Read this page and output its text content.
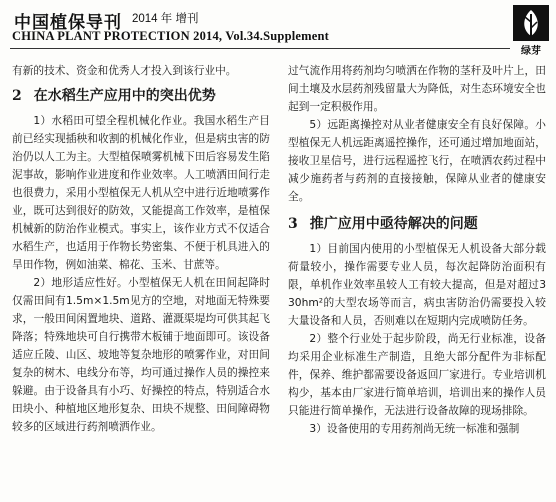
中国植保导刊 2014 年 增刊
CHINA PLANT PROTECTION 2014, Vol.34.Supplement
绿芽

有新的技术、资金和优秀人才投入到该行业中。

2 在水稻生产应用中的突出优势

1）水稻田可望全程机械化作业。我国水稻生产目前已经实现插秧和收割的机械化作业，但是病虫害的防治仍以人工为主。大型植保喷雾机械下田后容易发生陷泥事故，影响作业进度和作业效率。人工喷洒田间行走也很费力，采用小型植保无人机从空中进行近地喷雾作业，既可达到很好的防效，又能提高工作效率，是植保机械新的防治作业模式。事实上，该作业方式不仅适合水稻生产，也适用于作物长势密集、不便于机具进入的旱田作物，例如油菜、棉花、玉米、甘蔗等。

2）地形适应性好。小型植保无人机在田间起降时仅需田间有1.5m×1.5m见方的空地，对地面无特殊要求，一般田间闲置地块、道路、灌溉渠堤均可供其起飞降落；特殊地块可自行携带木板铺于地面即可。该设备适应丘陵、山区、坡地等复杂地形的喷雾作业，对田间复杂的树木、电线分布等，均可通过操作人员的操控来躲避。由于设备具有小巧、好操控的特点，特别适合水田块小、种植地区地形复杂、田块不规整、田间障碍物较多的区域进行药剂喷洒作业。

过气流作用将药剂均匀喷洒在作物的茎秆及叶片上，田间土壤及水层药剂残留量大为降低，对生态环境安全也起到一定积极作用。

5）远距离操控对从业者健康安全有良好保障。小型植保无人机远距离遥控操作，还可通过增加地面站，接收卫星信号，进行远程遥控飞行，在喷洒农药过程中减少施药者与药剂的直接接触，保障从业者的健康安全。

3 推广应用中亟待解决的问题

1）目前国内使用的小型植保无人机设备大部分载荷量较小，操作需要专业人员，每次起降防治面积有限，单机作业效率虽较人工有较大提高，但是对超过330hm²的大型农场等而言，病虫害防治仍需要投入较大量设备和人员，否则难以在短期内完成喷防任务。

2）整个行业处于起步阶段，尚无行业标准，设备均采用企业标准生产制造，且绝大部分配件为非标配件，保养、维护都需要设备返回厂家进行。专业培训机构少，基本由厂家进行简单培训，培训出来的操作人员只能进行简单操作，无法进行设备故障的现场排除。

3）设备使用的专用药剂尚无统一标准和强制
